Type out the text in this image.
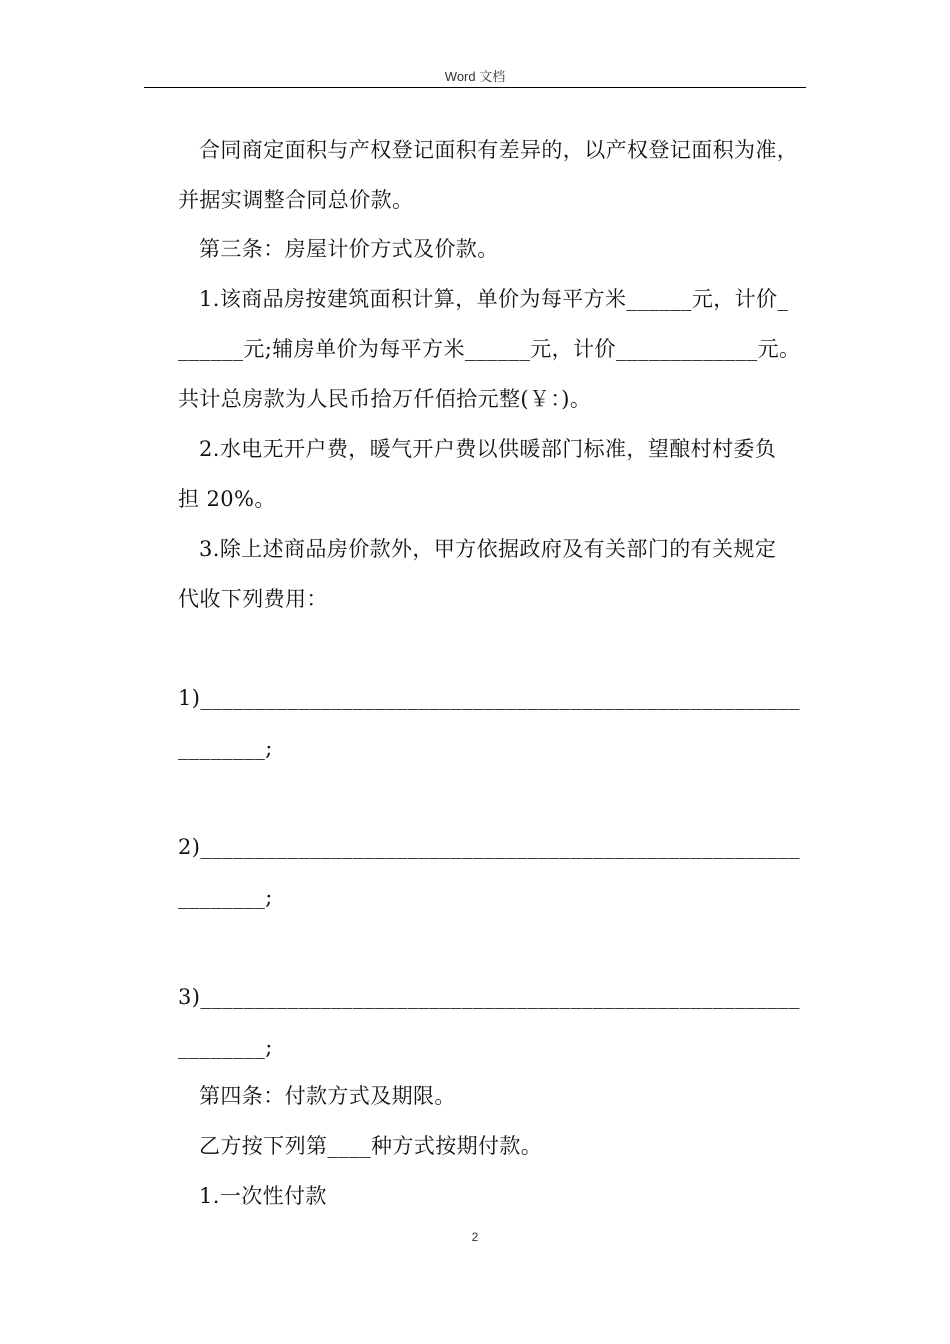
Word 文档
合同商定面积与产权登记面积有差异的，以产权登记面积为准，
并据实调整合同总价款。
第三条：房屋计价方式及价款。
1.该商品房按建筑面积计算，单价为每平方米______元，计价_
______元;辅房单价为每平方米______元，计价_____________元。
共计总房款为人民币拾万仟佰拾元整(￥：)。
2.水电无开户费，暖气开户费以供暖部门标准，望酿村村委负
担 20%。
3.除上述商品房价款外，甲方依据政府及有关部门的有关规定
代收下列费用：
1)_______________________________________________________
________;
2)_______________________________________________________
________;
3)_______________________________________________________
________;
第四条：付款方式及期限。
乙方按下列第____种方式按期付款。
1.一次性付款
2
